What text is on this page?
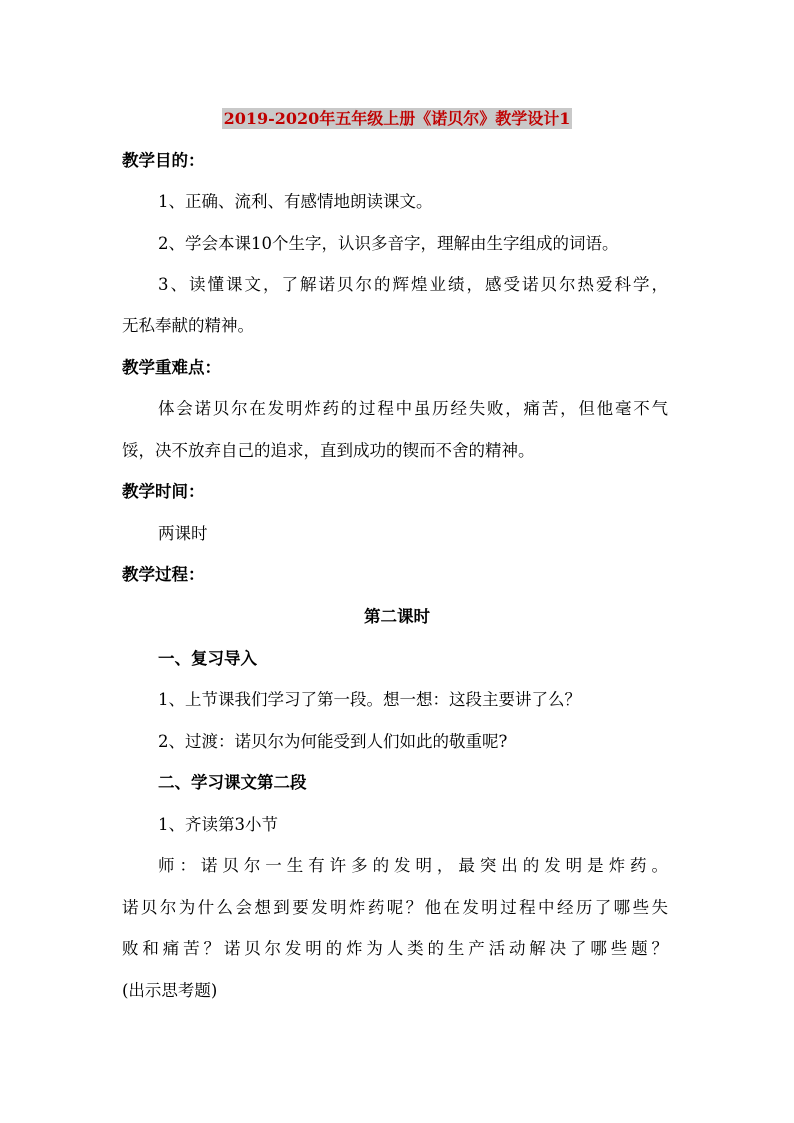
2019-2020年五年级上册《诺贝尔》教学设计1
教学目的：
1、正确、流利、有感情地朗读课文。
2、学会本课10个生字，认识多音字，理解由生字组成的词语。
3、读懂课文，了解诺贝尔的辉煌业绩，感受诺贝尔热爱科学，
无私奉献的精神。
教学重难点：
体会诺贝尔在发明炸药的过程中虽历经失败，痛苦，但他毫不气
馁，决不放弃自己的追求，直到成功的锲而不舍的精神。
教学时间：
两课时
教学过程：
第二课时
一、复习导入
1、上节课我们学习了第一段。想一想：这段主要讲了么？
2、过渡：诺贝尔为何能受到人们如此的敬重呢?
二、学习课文第二段
1、齐读第3小节
师：诺贝尔一生有许多的发明，最突出的发明是炸药。
诺贝尔为什么会想到要发明炸药呢？他在发明过程中经历了哪些失
败和痛苦？诺贝尔发明的炸为人类的生产活动解决了哪些题？
(出示思考题)
